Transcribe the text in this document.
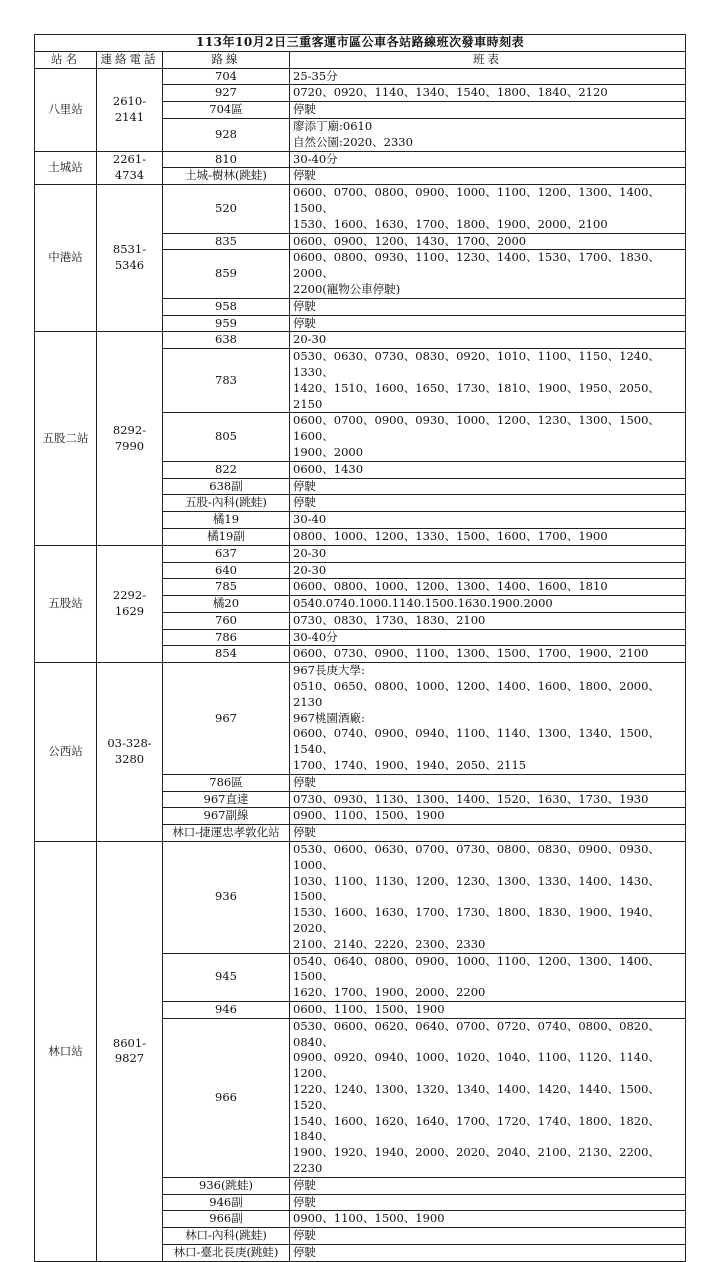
113年10月2日三重客運市區公車各站路線班次發車時刻表			
站名	連絡電話	路線	班表
八里站	2610-2141	704	25-35分
		927	0720、0920、1140、1340、1540、1800、1840、2120
		704區	停駛
		928	廖添丁廟:0610
自然公園:2020、2330
土城站	2261-4734	810	30-40分
		土城-樹林(跳蛙)	停駛
中港站	8531-5346	520	0600、0700、0800、0900、1000、1100、1200、1300、1400、1500、
1530、1600、1630、1700、1800、1900、2000、2100
		835	0600、0900、1200、1430、1700、2000
		859	0600、0800、0930、1100、1230、1400、1530、1700、1830、2000、
2200(寵物公車停駛)
		958	停駛
		959	停駛
五股二站	8292-7990	638	20-30
		783	0530、0630、0730、0830、0920、1010、1100、1150、1240、1330、
1420、1510、1600、1650、1730、1810、1900、1950、2050、2150
		805	0600、0700、0900、0930、1000、1200、1230、1300、1500、1600、
1900、2000
		822	0600、1430
		638副	停駛
		五股-內科(跳蛙)	停駛
		橘19	30-40
		橘19副	0800、1000、1200、1330、1500、1600、1700、1900
五股站	2292-1629	637	20-30
		640	20-30
		785	0600、0800、1000、1200、1300、1400、1600、1810
		橘20	0540.0740.1000.1140.1500.1630.1900.2000
		760	0730、0830、1730、1830、2100
		786	30-40分
		854	0600、0730、0900、1100、1300、1500、1700、1900、2100
公西站	03-328-
3280	967	967長庚大學:
0510、0650、0800、1000、1200、1400、1600、1800、2000、2130
967桃園酒廠:
0600、0740、0900、0940、1100、1140、1300、1340、1500、1540、
1700、1740、1900、1940、2050、2115
		786區	停駛
		967直達	0730、0930、1130、1300、1400、1520、1630、1730、1930
		967副線	0900、1100、1500、1900
		林口-捷運忠孝敦化站	停駛
林口站	8601-9827	936	0530、0600、0630、0700、0730、0800、0830、0900、0930、1000、
1030、1100、1130、1200、1230、1300、1330、1400、1430、1500、
1530、1600、1630、1700、1730、1800、1830、1900、1940、2020、
2100、2140、2220、2300、2330
		945	0540、0640、0800、0900、1000、1100、1200、1300、1400、1500、
1620、1700、1900、2000、2200
		946	0600、1100、1500、1900
		966	0530、0600、0620、0640、0700、0720、0740、0800、0820、0840、
0900、0920、0940、1000、1020、1040、1100、1120、1140、1200、
1220、1240、1300、1320、1340、1400、1420、1440、1500、1520、
1540、1600、1620、1640、1700、1720、1740、1800、1820、1840、
1900、1920、1940、2000、2020、2040、2100、2130、2200、2230
		936(跳蛙)	停駛
		946副	停駛
		966副	0900、1100、1500、1900
		林口-內科(跳蛙)	停駛
		林口-臺北長庚(跳蛙)	停駛
